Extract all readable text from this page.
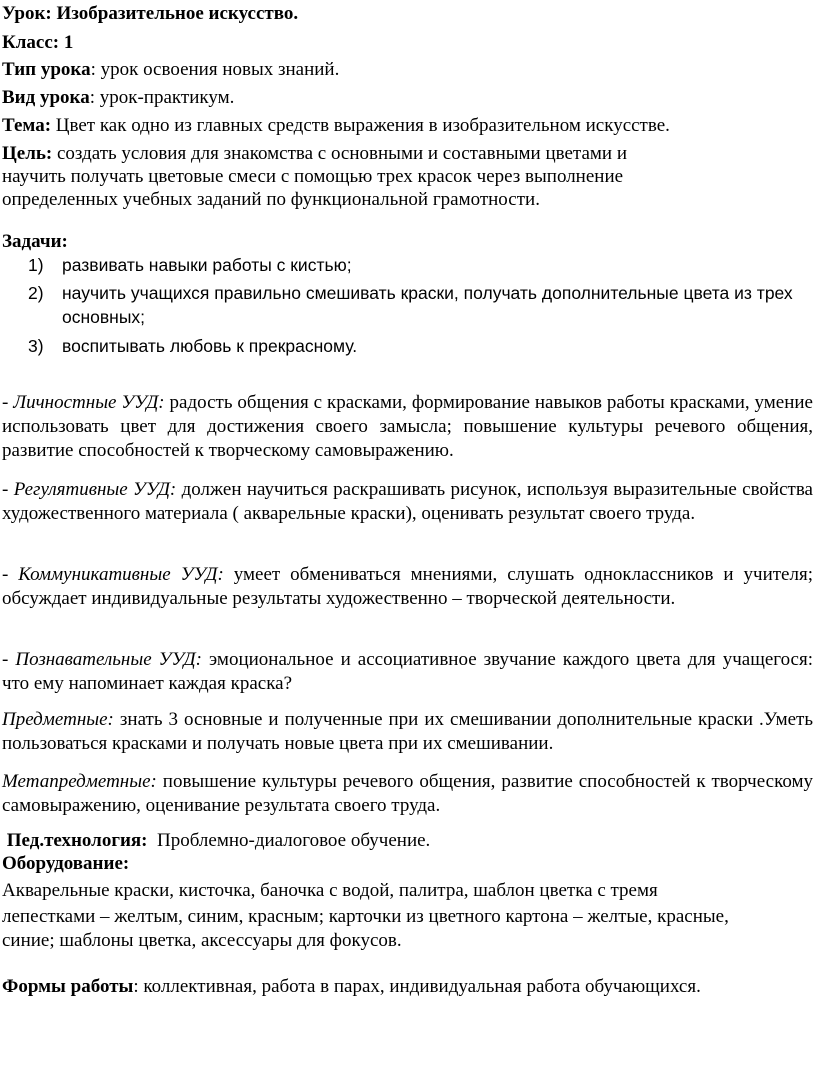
Урок: Изобразительное искусство.
Класс: 1
Тип урока: урок освоения новых знаний.
Вид урока: урок-практикум.
Тема: Цвет как одно из главных средств выражения в изобразительном искусстве.
Цель: создать условия для знакомства с основными и составными цветами и
научить получать цветовые смеси с помощью трех красок через выполнение
определенных учебных заданий по функциональной грамотности.
Задачи:
1) развивать навыки работы с кистью;
2) научить учащихся правильно смешивать краски, получать дополнительные цвета из трех основных;
3) воспитывать любовь к прекрасному.
- Личностные УУД: радость общения с красками, формирование навыков работы красками, умение использовать цвет для достижения своего замысла; повышение культуры речевого общения, развитие способностей к творческому самовыражению.
- Регулятивные УУД: должен научиться раскрашивать рисунок, используя выразительные свойства художественного материала ( акварельные краски), оценивать результат своего труда.
- Коммуникативные УУД: умеет обмениваться мнениями, слушать одноклассников и учителя; обсуждает индивидуальные результаты художественно – творческой деятельности.
- Познавательные УУД: эмоциональное и ассоциативное звучание каждого цвета для учащегося: что ему напоминает каждая краска?
Предметные: знать 3 основные и полученные при их смешивании дополнительные краски .Уметь пользоваться красками и получать новые цвета при их смешивании.
Метапредметные: повышение культуры речевого общения, развитие способностей к творческому самовыражению, оценивание результата своего труда.
Пед.технология:  Проблемно-диалоговое обучение.
Оборудование:
Акварельные краски, кисточка, баночка с водой, палитра, шаблон цветка с тремя
лепестками – желтым, синим, красным; карточки из цветного картона – желтые, красные,
синие; шаблоны цветка, аксессуары для фокусов.
Формы работы: коллективная, работа в парах, индивидуальная работа обучающихся.
